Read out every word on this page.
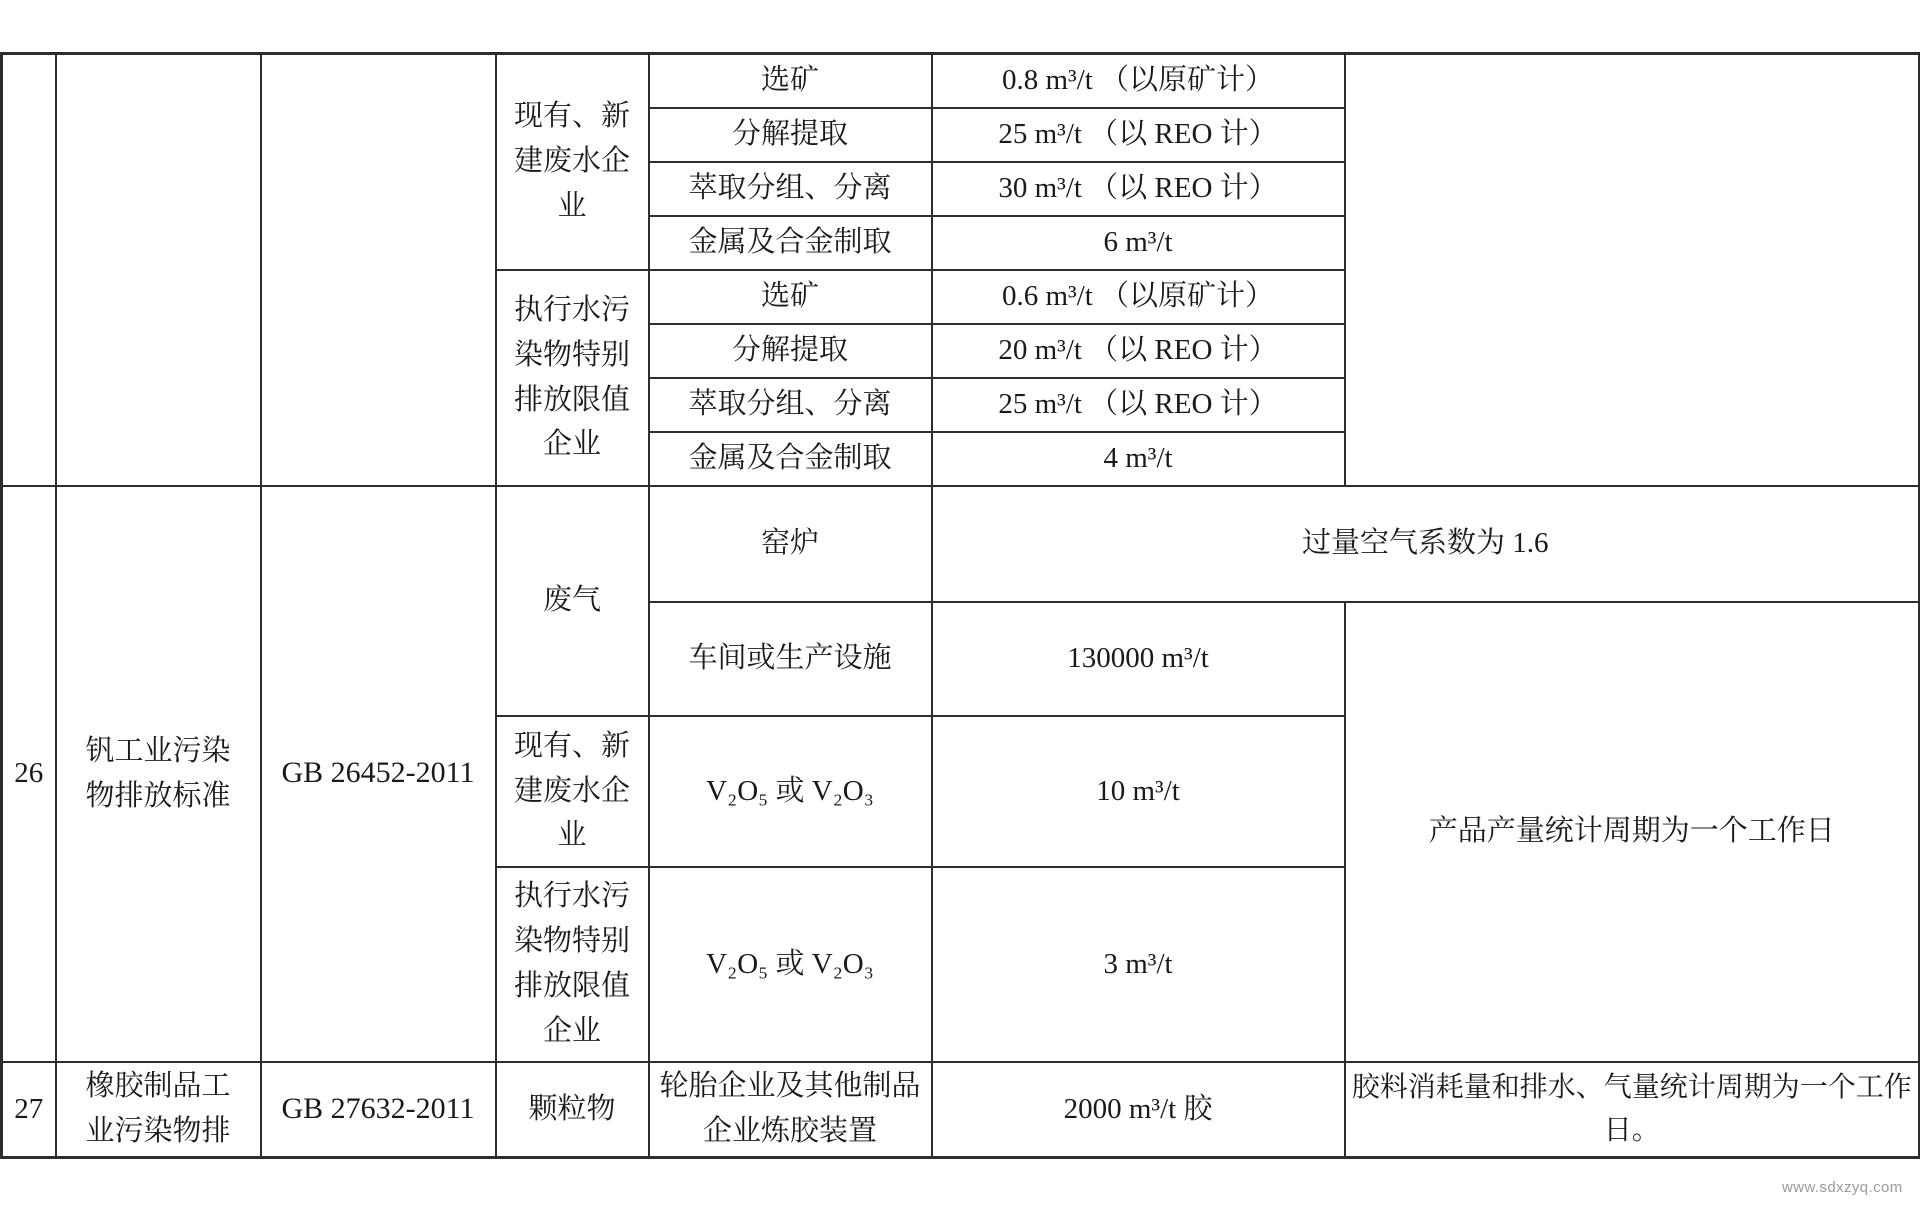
			现有、新建废水企业	选矿	0.8 m³/t （以原矿计）	
				分解提取	25 m³/t （以 REO 计）	
				萃取分组、分离	30 m³/t （以 REO 计）	
				金属及合金制取	6 m³/t	

			执行水污染物特别排放限值企业	选矿	0.6 m³/t （以原矿计）	
				分解提取	20 m³/t （以 REO 计）	
				萃取分组、分离	25 m³/t （以 REO 计）	
				金属及合金制取	4 m³/t	
26	钒工业污染物排放标准	GB 26452-2011	废气	窑炉	过量空气系数为 1.6	
				车间或生产设施	130000 m³/t	产品产量统计周期为一个工作日

			现有、新建废水企业	V₂O₅ 或 V₂O₃	10 m³/t	

			执行水污染物特别排放限值企业	V₂O₅ 或 V₂O₃	3 m³/t	
27	橡胶制品工业污染物排	GB 27632-2011	颗粒物	轮胎企业及其他制品企业炼胶装置	2000 m³/t 胶	胶料消耗量和排水、气量统计周期为一个工作日。
www.sdxzyq.com
